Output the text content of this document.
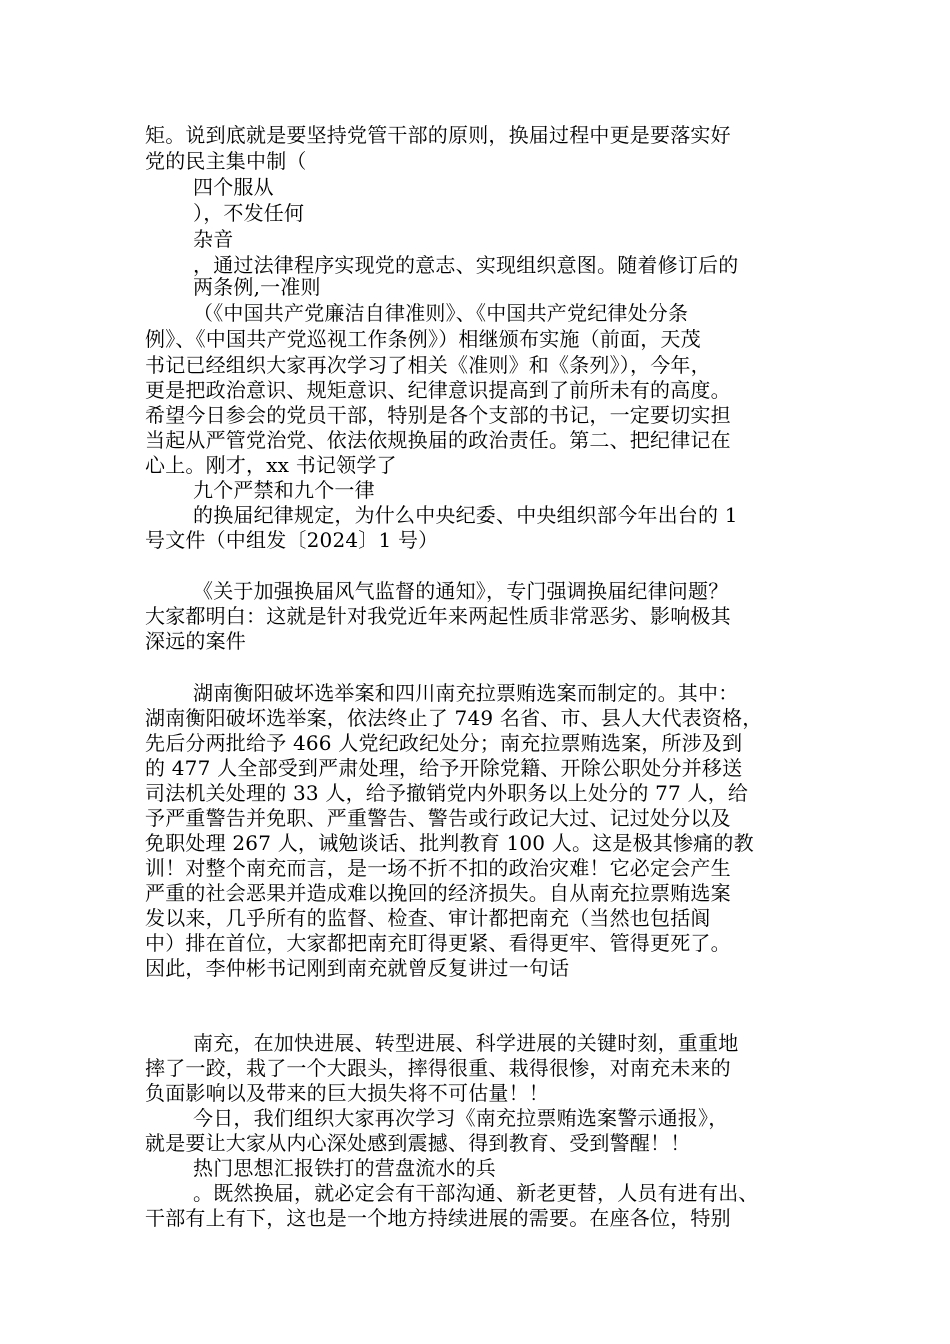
矩。说到底就是要坚持党管干部的原则，换届过程中更是要落实好
党的民主集中制（
四个服从
），不发任何
杂音
，通过法律程序实现党的意志、实现组织意图。随着修订后的
两条例,一准则
（《中国共产党廉洁自律准则》、《中国共产党纪律处分条
例》、《中国共产党巡视工作条例》）相继颁布实施（前面，天茂
书记已经组织大家再次学习了相关《准则》和《条列》），今年，
更是把政治意识、规矩意识、纪律意识提高到了前所未有的高度。
希望今日参会的党员干部，特别是各个支部的书记，一定要切实担
当起从严管党治党、依法依规换届的政治责任。第二、把纪律记在
心上。刚才，xx 书记领学了
九个严禁和九个一律
的换届纪律规定，为什么中央纪委、中央组织部今年出台的 1
号文件（中组发〔2024〕1 号）
《关于加强换届风气监督的通知》，专门强调换届纪律问题？
大家都明白：这就是针对我党近年来两起性质非常恶劣、影响极其
深远的案件
湖南衡阳破坏选举案和四川南充拉票贿选案而制定的。其中：
湖南衡阳破坏选举案，依法终止了 749 名省、市、县人大代表资格，
先后分两批给予 466 人党纪政纪处分；南充拉票贿选案，所涉及到
的 477 人全部受到严肃处理，给予开除党籍、开除公职处分并移送
司法机关处理的 33 人，给予撤销党内外职务以上处分的 77 人，给
予严重警告并免职、严重警告、警告或行政记大过、记过处分以及
免职处理 267 人，诫勉谈话、批判教育 100 人。这是极其惨痛的教
训！对整个南充而言，是一场不折不扣的政治灾难！它必定会产生
严重的社会恶果并造成难以挽回的经济损失。自从南充拉票贿选案
发以来，几乎所有的监督、检查、审计都把南充（当然也包括阆
中）排在首位，大家都把南充盯得更紧、看得更牢、管得更死了。
因此，李仲彬书记刚到南充就曾反复讲过一句话
南充，在加快进展、转型进展、科学进展的关键时刻，重重地
摔了一跤，栽了一个大跟头，摔得很重、栽得很惨，对南充未来的
负面影响以及带来的巨大损失将不可估量！！
今日，我们组织大家再次学习《南充拉票贿选案警示通报》，
就是要让大家从内心深处感到震撼、得到教育、受到警醒！！
热门思想汇报铁打的营盘流水的兵
。既然换届，就必定会有干部沟通、新老更替，人员有进有出、
干部有上有下，这也是一个地方持续进展的需要。在座各位，特别
